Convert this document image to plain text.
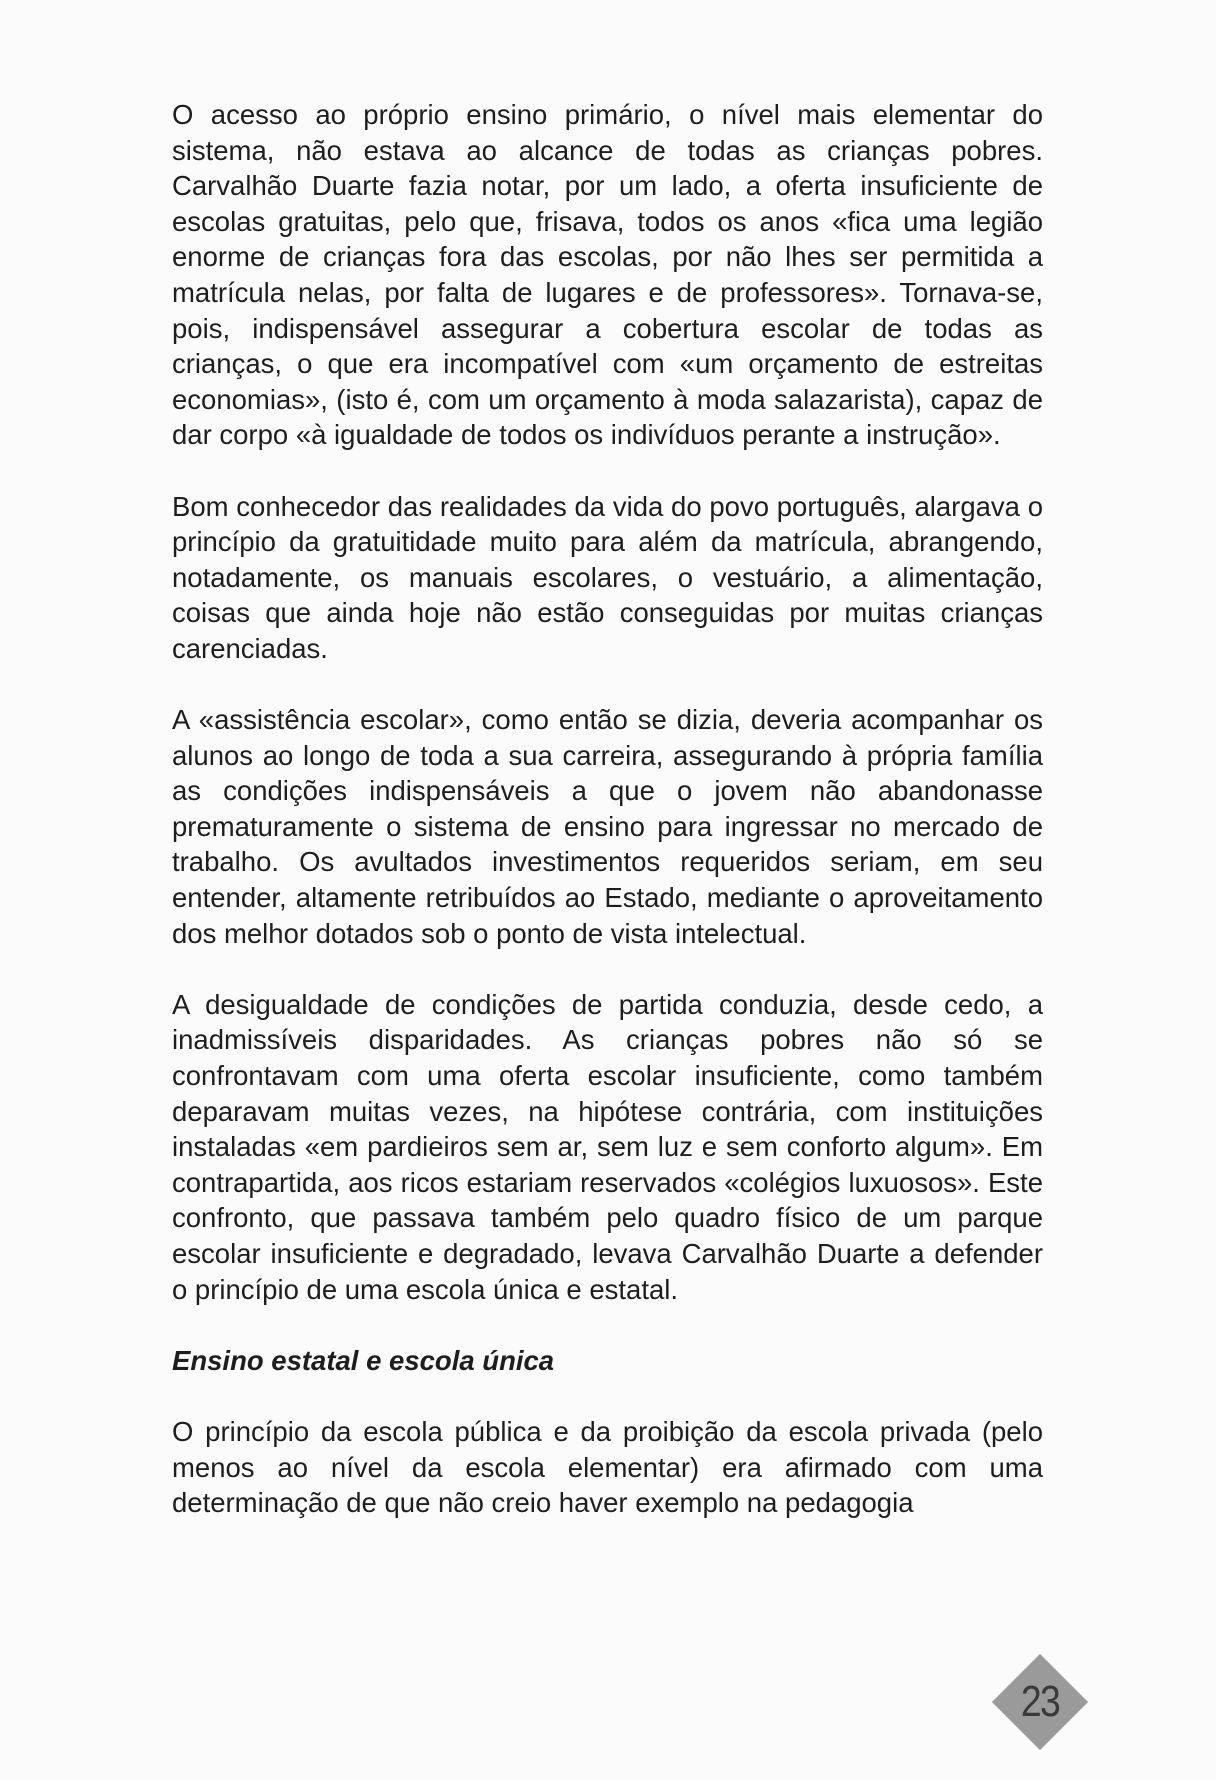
O acesso ao próprio ensino primário, o nível mais elementar do sistema, não estava ao alcance de todas as crianças pobres. Carvalhão Duarte fazia notar, por um lado, a oferta insuficiente de escolas gratuitas, pelo que, frisava, todos os anos «fica uma legião enorme de crianças fora das escolas, por não lhes ser permitida a matrícula nelas, por falta de lugares e de professores». Tornava-se, pois, indispensável assegurar a cobertura escolar de todas as crianças, o que era incompatível com «um orçamento de estreitas economias», (isto é, com um orçamento à moda salazarista), capaz de dar corpo «à igualdade de todos os indivíduos perante a instrução».

Bom conhecedor das realidades da vida do povo português, alargava o princípio da gratuitidade muito para além da matrícula, abrangendo, notadamente, os manuais escolares, o vestuário, a alimentação, coisas que ainda hoje não estão conseguidas por muitas crianças carenciadas.

A «assistência escolar», como então se dizia, deveria acompanhar os alunos ao longo de toda a sua carreira, assegurando à própria família as condições indispensáveis a que o jovem não abandonasse prematuramente o sistema de ensino para ingressar no mercado de trabalho. Os avultados investimentos requeridos seriam, em seu entender, altamente retribuídos ao Estado, mediante o aproveitamento dos melhor dotados sob o ponto de vista intelectual.

A desigualdade de condições de partida conduzia, desde cedo, a inadmissíveis disparidades. As crianças pobres não só se confrontavam com uma oferta escolar insuficiente, como também deparavam muitas vezes, na hipótese contrária, com instituições instaladas «em pardieiros sem ar, sem luz e sem conforto algum». Em contrapartida, aos ricos estariam reservados «colégios luxuosos». Este confronto, que passava também pelo quadro físico de um parque escolar insuficiente e degradado, levava Carvalhão Duarte a defender o princípio de uma escola única e estatal.

Ensino estatal e escola única

O princípio da escola pública e da proibição da escola privada (pelo menos ao nível da escola elementar) era afirmado com uma determinação de que não creio haver exemplo na pedagogia

23
